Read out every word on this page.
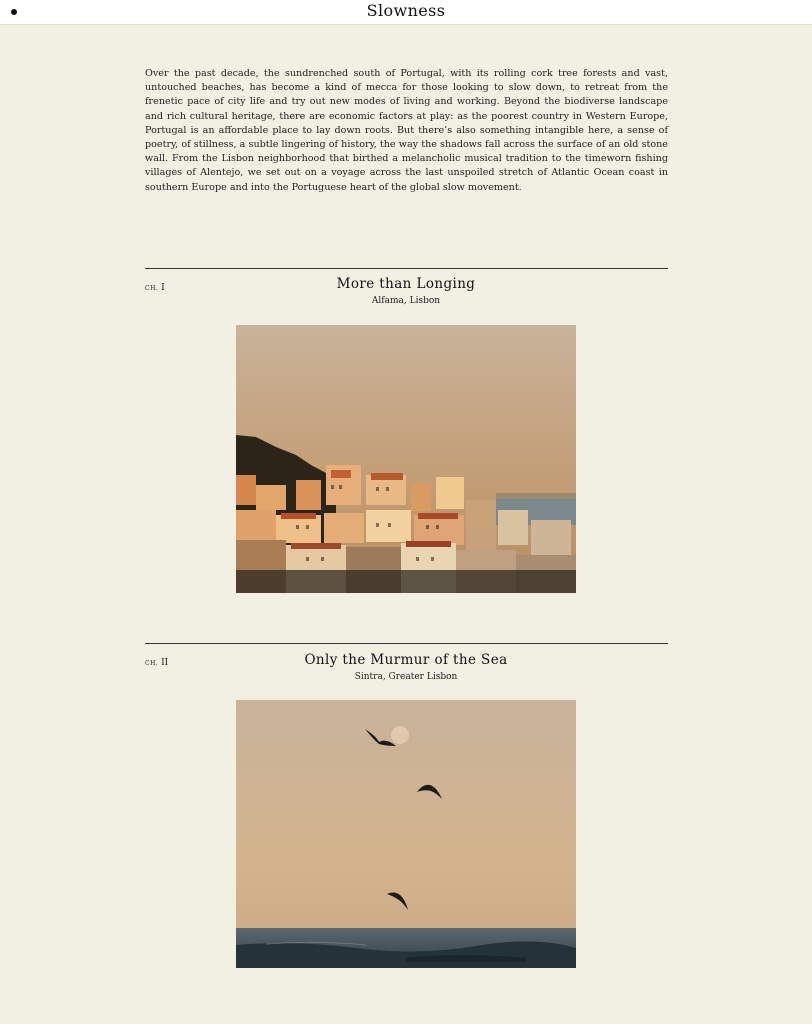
Slowness

Over the past decade, the sundrenched south of Portugal, with its rolling cork tree forests and vast, untouched beaches, has become a kind of mecca for those looking to slow down, to retreat from the frenetic pace of city life and try out new modes of living and working. Beyond the biodiverse landscape and rich cultural heritage, there are economic factors at play: as the poorest country in Western Europe, Portugal is an affordable place to lay down roots. But there’s also something intangible here, a sense of poetry, of stillness, a subtle lingering of history, the way the shadows fall across the surface of an old stone wall. From the Lisbon neighborhood that birthed a melancholic musical tradition to the timeworn fishing villages of Alentejo, we set out on a voyage across the last unspoiled stretch of Atlantic Ocean coast in southern Europe and into the Portuguese heart of the global slow movement.

CH. I	More than Longing
Alfama, Lisbon
CH. II	Only the Murmur of the Sea
Sintra, Greater Lisbon
